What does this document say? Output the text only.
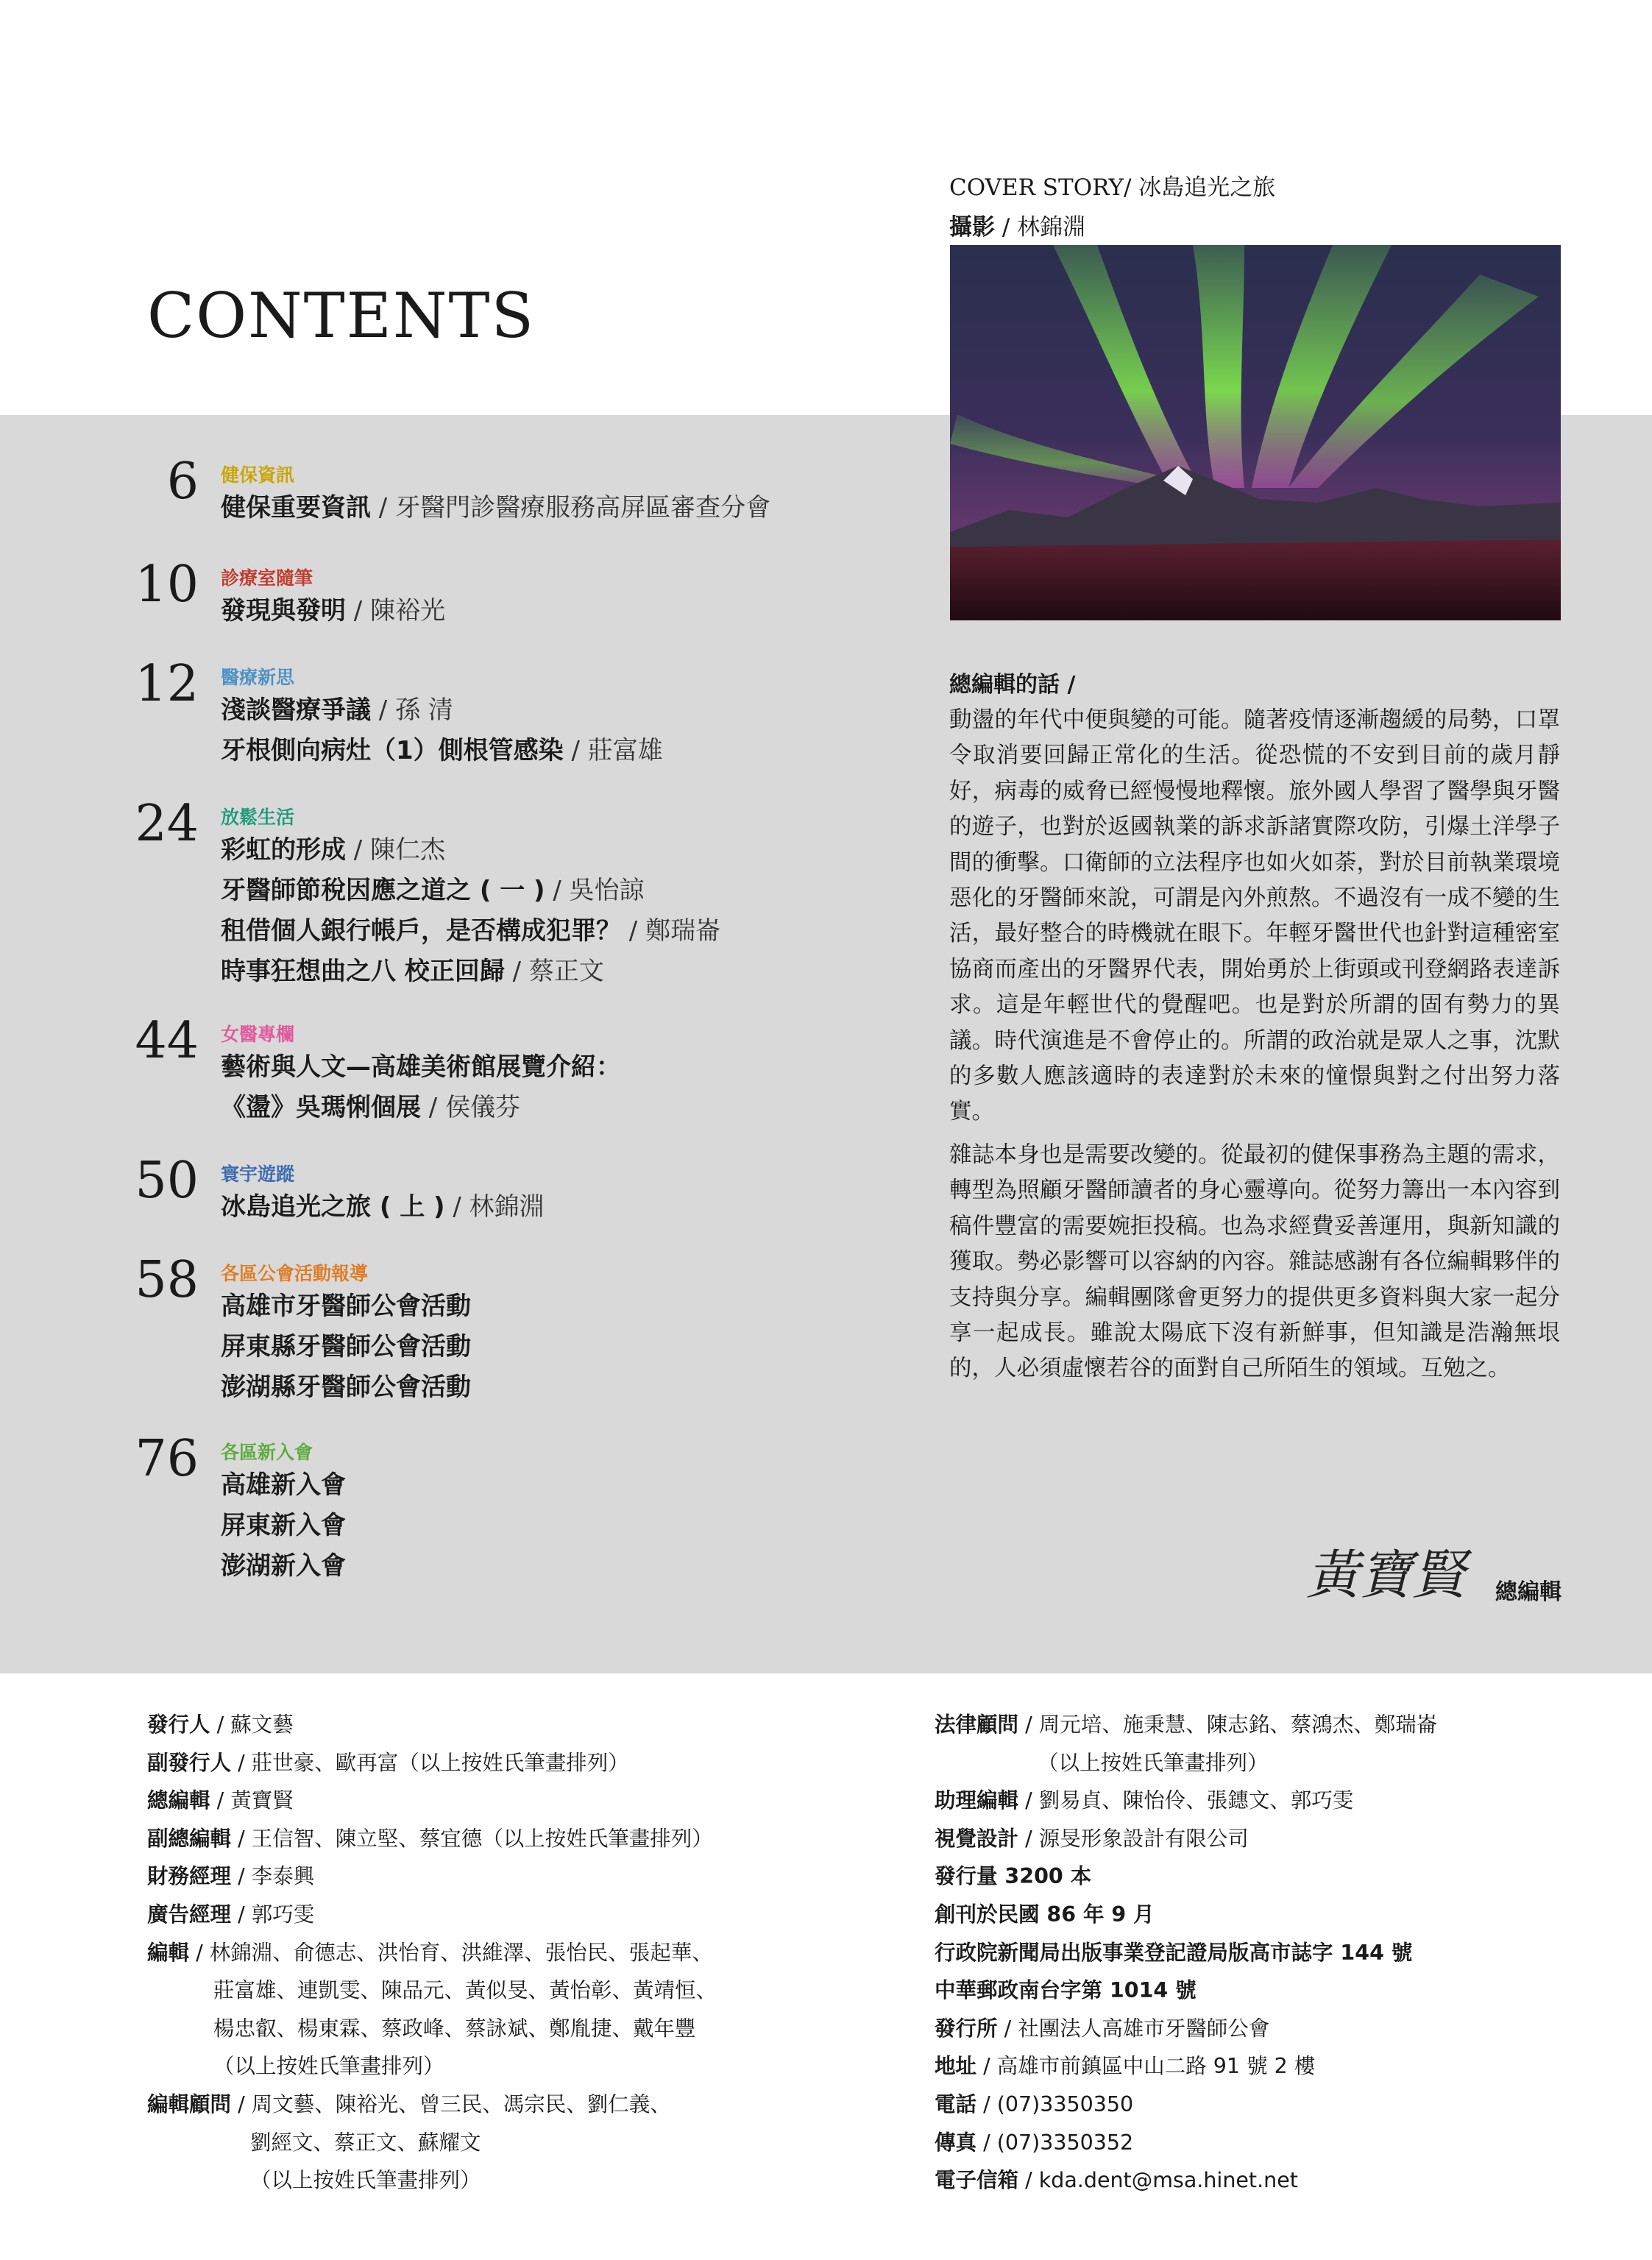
COVER STORY/ 冰島追光之旅
攝影 / 林錦淵
CONTENTS
6 健保資訊
健保重要資訊 / 牙醫門診醫療服務高屏區審查分會
10 診療室隨筆
發現與發明 / 陳裕光
12 醫療新思
淺談醫療爭議 / 孫 清
牙根側向病灶（1）側根管感染 / 莊富雄
24 放鬆生活
彩虹的形成 / 陳仁杰
牙醫師節稅因應之道之 ( 一 ) / 吳怡諒
租借個人銀行帳戶，是否構成犯罪？ / 鄭瑞崙
時事狂想曲之八 校正回歸 / 蔡正文
44 女醫專欄
藝術與人文—高雄美術館展覽介紹：
《盪》吳瑪悧個展 / 侯儀芬
50 寰宇遊蹤
冰島追光之旅 ( 上 ) / 林錦淵
58 各區公會活動報導
高雄市牙醫師公會活動
屏東縣牙醫師公會活動
澎湖縣牙醫師公會活動
76 各區新入會
高雄新入會
屏東新入會
澎湖新入會
總編輯的話 /

動盪的年代中便與變的可能。隨著疫情逐漸趨緩的局勢，口罩令取消要回歸正常化的生活。從恐慌的不安到目前的歲月靜好，病毒的威脅已經慢慢地釋懷。旅外國人學習了醫學與牙醫的遊子，也對於返國執業的訴求訴諸實際攻防，引爆土洋學子間的衝擊。口衛師的立法程序也如火如荼，對於目前執業環境惡化的牙醫師來說，可謂是內外煎熬。不過沒有一成不變的生活，最好整合的時機就在眼下。年輕牙醫世代也針對這種密室協商而產出的牙醫界代表，開始勇於上街頭或刊登網路表達訴求。這是年輕世代的覺醒吧。也是對於所謂的固有勢力的異議。時代演進是不會停止的。所謂的政治就是眾人之事，沈默的多數人應該適時的表達對於未來的憧憬與對之付出努力落實。

雜誌本身也是需要改變的。從最初的健保事務為主題的需求，轉型為照顧牙醫師讀者的身心靈導向。從努力籌出一本內容到稿件豐富的需要婉拒投稿。也為求經費妥善運用，與新知識的獲取。勢必影響可以容納的內容。雜誌感謝有各位編輯夥伴的支持與分享。編輯團隊會更努力的提供更多資料與大家一起分享一起成長。雖說太陽底下沒有新鮮事，但知識是浩瀚無垠的，人必須虛懷若谷的面對自己所陌生的領域。互勉之。

黃寶賢	總編輯
發行人 / 蘇文藝
副發行人 / 莊世豪、歐再富（以上按姓氏筆畫排列）
總編輯 / 黃寶賢
副總編輯 / 王信智、陳立堅、蔡宜德（以上按姓氏筆畫排列）
財務經理 / 李泰興
廣告經理 / 郭巧雯
編輯 / 林錦淵、俞德志、洪怡育、洪維澤、張怡民、張起華、
莊富雄、連凱雯、陳品元、黃似旻、黃怡彰、黃靖恒、
楊忠叡、楊東霖、蔡政峰、蔡詠斌、鄭胤捷、戴年豐
（以上按姓氏筆畫排列）
編輯顧問 / 周文藝、陳裕光、曾三民、馮宗民、劉仁義、
劉經文、蔡正文、蘇耀文
（以上按姓氏筆畫排列）
法律顧問 / 周元培、施秉慧、陳志銘、蔡鴻杰、鄭瑞崙
（以上按姓氏筆畫排列）
助理編輯 / 劉易貞、陳怡伶、張鏸文、郭巧雯
視覺設計 / 源旻形象設計有限公司
發行量 3200 本
創刊於民國 86 年 9 月
行政院新聞局出版事業登記證局版高市誌字 144 號
中華郵政南台字第 1014 號
發行所 / 社團法人高雄市牙醫師公會
地址 / 高雄市前鎮區中山二路 91 號 2 樓
電話 / (07)3350350
傳真 / (07)3350352
電子信箱 / kda.dent@msa.hinet.net
